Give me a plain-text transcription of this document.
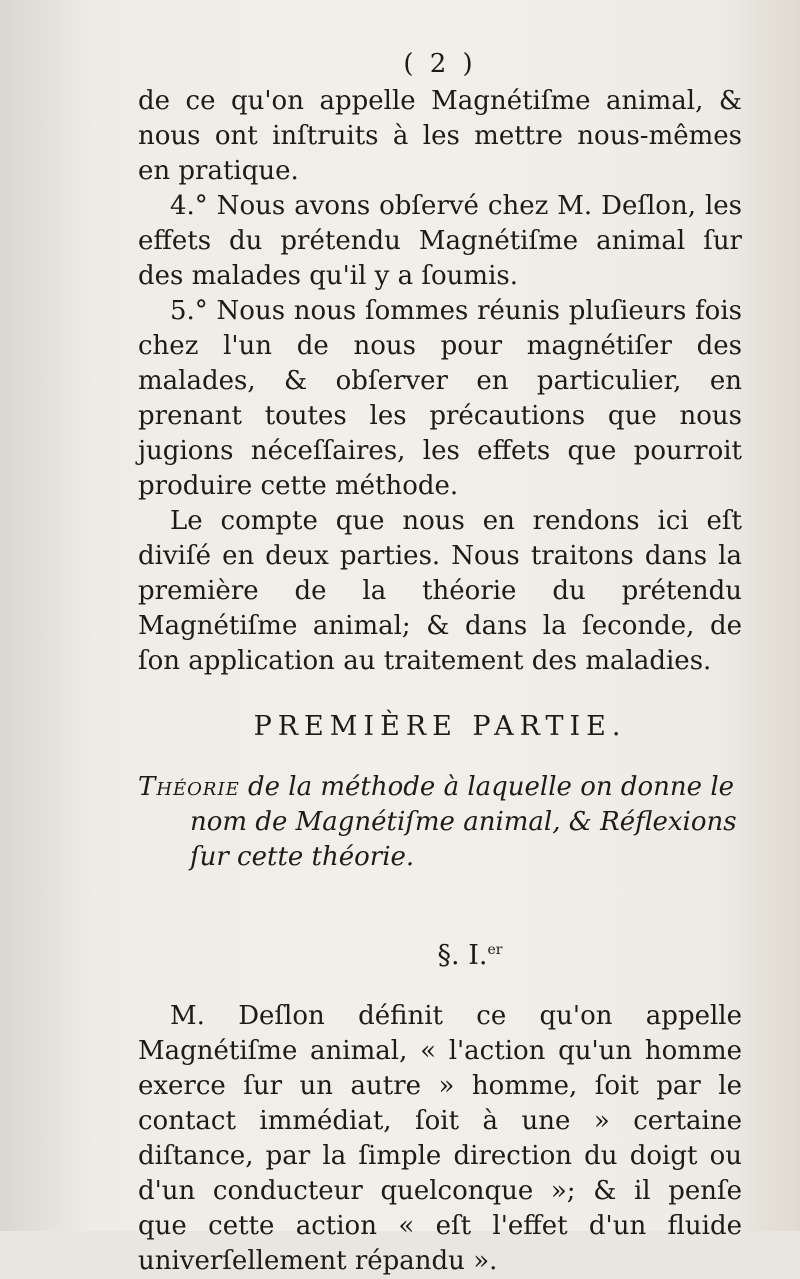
( 2 )

de ce qu'on appelle Magnétiſme animal, & nous ont inſtruits à les mettre nous-mêmes en pratique.

4.° Nous avons obſervé chez M. Deſlon, les effets du prétendu Magnétiſme animal ſur des malades qu'il y a ſoumis.

5.° Nous nous ſommes réunis pluſieurs fois chez l'un de nous pour magnétiſer des malades, & obſerver en particulier, en prenant toutes les précautions que nous jugions néceſſaires, les effets que pourroit produire cette méthode.

Le compte que nous en rendons ici eſt diviſé en deux parties. Nous traitons dans la première de la théorie du prétendu Magnétiſme animal; & dans la ſeconde, de ſon application au traitement des maladies.

PREMIÈRE PARTIE.

Théorie de la méthode à laquelle on donne le nom de Magnétiſme animal, & Réflexions ſur cette théorie.

§. I.$^{er}$

M. Deſlon définit ce qu'on appelle Magnétiſme animal, « l'action qu'un homme exerce ſur un autre » homme, ſoit par le contact immédiat, ſoit à une » certaine diſtance, par la ſimple direction du doigt ou d'un conducteur quelconque »; & il penſe que cette action « eſt l'effet d'un fluide univerſellement répandu ».
